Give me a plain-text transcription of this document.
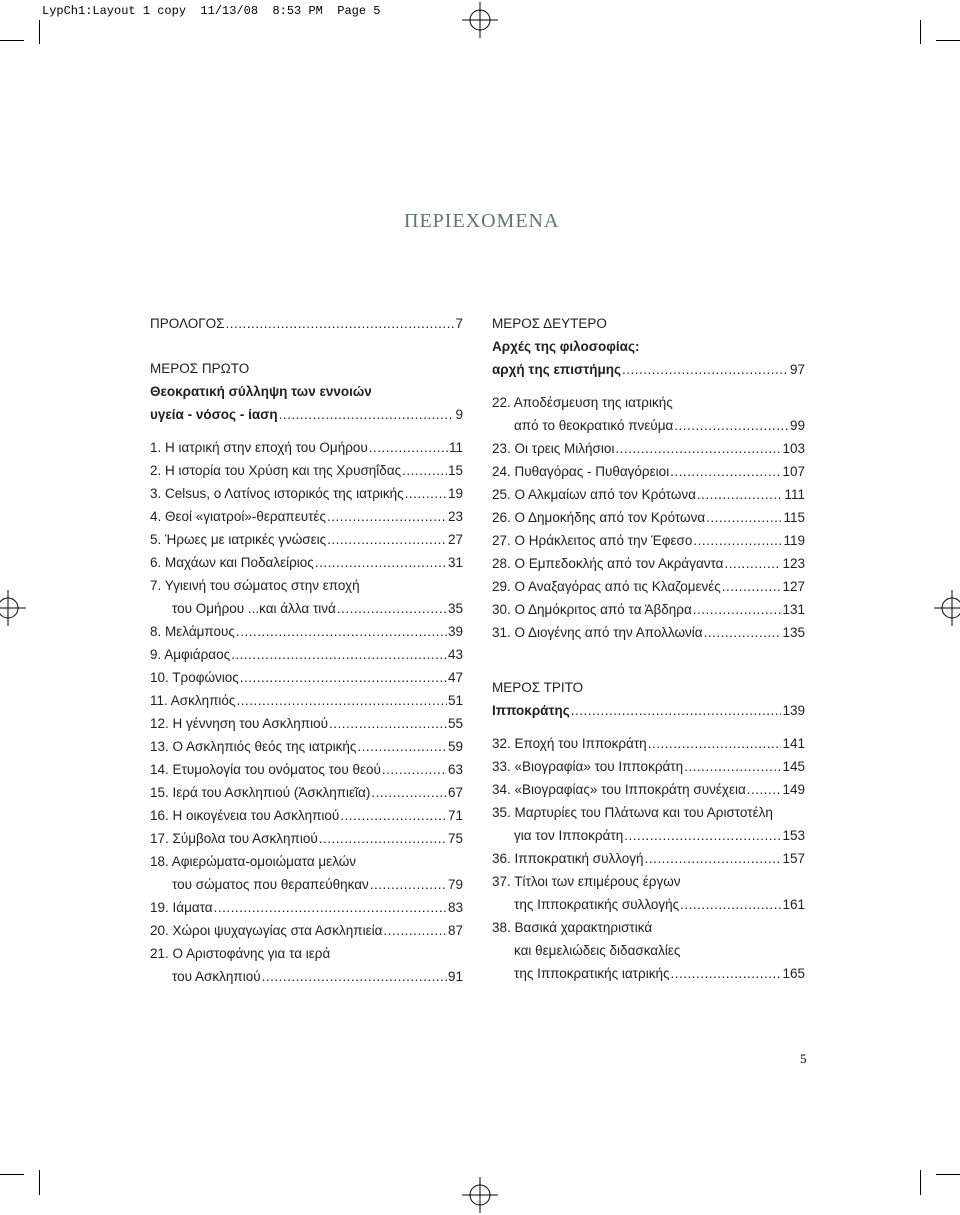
LypCh1:Layout 1 copy  11/13/08  8:53 PM  Page 5
ΠΕΡΙΕΧΟΜΕΝΑ
ΠΡΟΛΟΓΟΣ .....	7
ΜΕΡΟΣ ΠΡΩΤΟ
Θεοκρατική σύλληψη των εννοιών
υγεία - νόσος - ίαση .....	9
1. Η ιατρική στην εποχή του Ομήρου .....	11
2. Η ιστορία του Χρύση και της Χρυσηΐδας .....	15
3. Celsus, ο Λατίνος ιστορικός της ιατρικής .....	19
4. Θεοί «γιατροί»-θεραπευτές .....	23
5. Ήρωες με ιατρικές γνώσεις .....	27
6. Μαχάων και Ποδαλείριος .....	31
7. Υγιεινή του σώματος στην εποχή
του Ομήρου ...και άλλα τινά .....	35
8. Μελάμπους .....	39
9. Αμφιάραος .....	43
10. Τροφώνιος .....	47
11. Ασκληπιός .....	51
12. Η γέννηση του Ασκληπιού .....	55
13. Ο Ασκληπιός θεός της ιατρικής .....	59
14. Ετυμολογία του ονόματος του θεού .....	63
15. Ιερά του Ασκληπιού (Ἀσκληπιεῖα) .....	67
16. Η οικογένεια του Ασκληπιού .....	71
17. Σύμβολα του Ασκληπιού .....	75
18. Αφιερώματα-ομοιώματα μελών
του σώματος που θεραπεύθηκαν .....	79
19. Ιάματα .....	83
20. Χώροι ψυχαγωγίας στα Ασκληπιεία .....	87
21. Ο Αριστοφάνης για τα ιερά
του Ασκληπιού .....	91
ΜΕΡΟΣ ΔΕΥΤΕΡΟ
Αρχές της φιλοσοφίας:
αρχή της επιστήμης .....	97
22. Αποδέσμευση της ιατρικής
από το θεοκρατικό πνεύμα .....	99
23. Οι τρεις Μιλήσιοι .....	103
24. Πυθαγόρας - Πυθαγόρειοι .....	107
25. Ο Αλκμαίων από τον Κρότωνα .....	111
26. Ο Δημοκήδης από τον Κρότωνα .....	115
27. Ο Ηράκλειτος από την Έφεσο .....	119
28. Ο Εμπεδοκλής από τον Ακράγαντα .....	123
29. Ο Αναξαγόρας από τις Κλαζομενές .....	127
30. Ο Δημόκριτος από τα Άβδηρα .....	131
31. Ο Διογένης από την Απολλωνία .....	135
ΜΕΡΟΣ ΤΡΙΤΟ
Ιπποκράτης .....	139
32. Εποχή του Ιπποκράτη .....	141
33. «Βιογραφία» του Ιπποκράτη .....	145
34. «Βιογραφίας» του Ιπποκράτη συνέχεια .....	149
35. Μαρτυρίες του Πλάτωνα και του Αριστοτέλη
για τον Ιπποκράτη .....	153
36. Ιπποκρατική συλλογή .....	157
37. Τίτλοι των επιμέρους έργων
της Ιπποκρατικής συλλογής .....	161
38. Βασικά χαρακτηριστικά
και θεμελιώδεις διδασκαλίες
της Ιπποκρατικής ιατρικής .....	165
5
